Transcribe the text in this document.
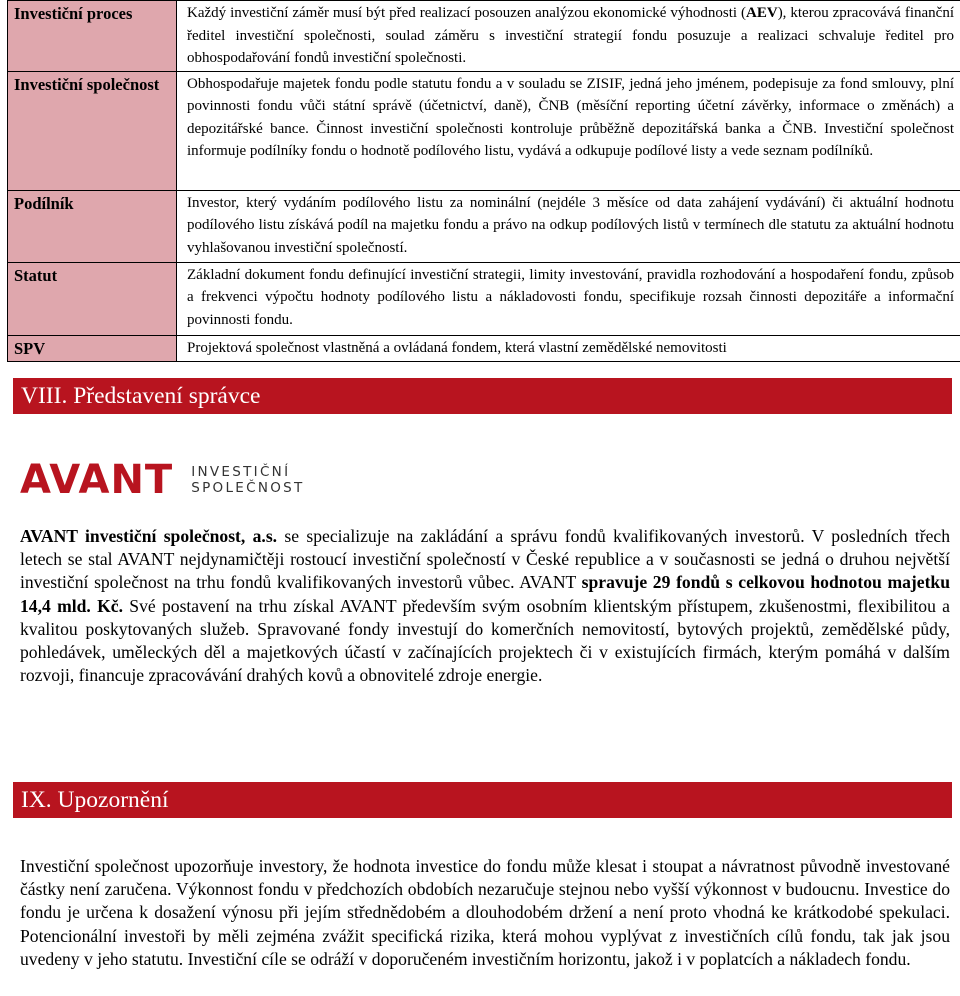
Investiční proces	Každý investiční záměr musí být před realizací posouzen analýzou ekonomické výhodnosti (AEV), kterou zpracovává finanční ředitel investiční společnosti, soulad záměru s investiční strategií fondu posuzuje a realizaci schvaluje ředitel pro obhospodařování fondů investiční společnosti.
Investiční společnost	Obhospodařuje majetek fondu podle statutu fondu a v souladu se ZISIF, jedná jeho jménem, podepisuje za fond smlouvy, plní povinnosti fondu vůči státní správě (účetnictví, daně), ČNB (měsíční reporting účetní závěrky, informace o změnách) a depozitářské bance. Činnost investiční společnosti kontroluje průběžně depozitářská banka a ČNB. Investiční společnost informuje podílníky fondu o hodnotě podílového listu, vydává a odkupuje podílové listy a vede seznam podílníků.
Podílník	Investor, který vydáním podílového listu za nominální (nejdéle 3 měsíce od data zahájení vydávání) či aktuální hodnotu podílového listu získává podíl na majetku fondu a právo na odkup podílových listů v termínech dle statutu za aktuální hodnotu vyhlašovanou investiční společností.
Statut	Základní dokument fondu definující investiční strategii, limity investování, pravidla rozhodování a hospodaření fondu, způsob a frekvenci výpočtu hodnoty podílového listu a nákladovosti fondu, specifikuje rozsah činnosti depozitáře a informační povinnosti fondu.
SPV	Projektová společnost vlastněná a ovládaná fondem, která vlastní zemědělské nemovitosti
VIII. Představení správce
AVANT INVESTIČNÍ
SPOLEČNOST
AVANT investiční společnost, a.s. se specializuje na zakládání a správu fondů kvalifikovaných investorů. V posledních třech letech se stal AVANT nejdynamičtěji rostoucí investiční společností v České republice a v současnosti se jedná o druhou největší investiční společnost na trhu fondů kvalifikovaných investorů vůbec. AVANT spravuje 29 fondů s celkovou hodnotou majetku 14,4 mld. Kč. Své postavení na trhu získal AVANT především svým osobním klientským přístupem, zkušenostmi, flexibilitou a kvalitou poskytovaných služeb. Spravované fondy investují do komerčních nemovitostí, bytových projektů, zemědělské půdy, pohledávek, uměleckých děl a majetkových účastí v začínajících projektech či v existujících firmách, kterým pomáhá v dalším rozvoji, financuje zpracovávání drahých kovů a obnovitelé zdroje energie.
IX. Upozornění
Investiční společnost upozorňuje investory, že hodnota investice do fondu může klesat i stoupat a návratnost původně investované částky není zaručena. Výkonnost fondu v předchozích obdobích nezaručuje stejnou nebo vyšší výkonnost v budoucnu. Investice do fondu je určena k dosažení výnosu při jejím střednědobém a dlouhodobém držení a není proto vhodná ke krátkodobé spekulaci. Potencionální investoři by měli zejména zvážit specifická rizika, která mohou vyplývat z investičních cílů fondu, tak jak jsou uvedeny v jeho statutu. Investiční cíle se odráží v doporučeném investičním horizontu, jakož i v poplatcích a nákladech fondu.
